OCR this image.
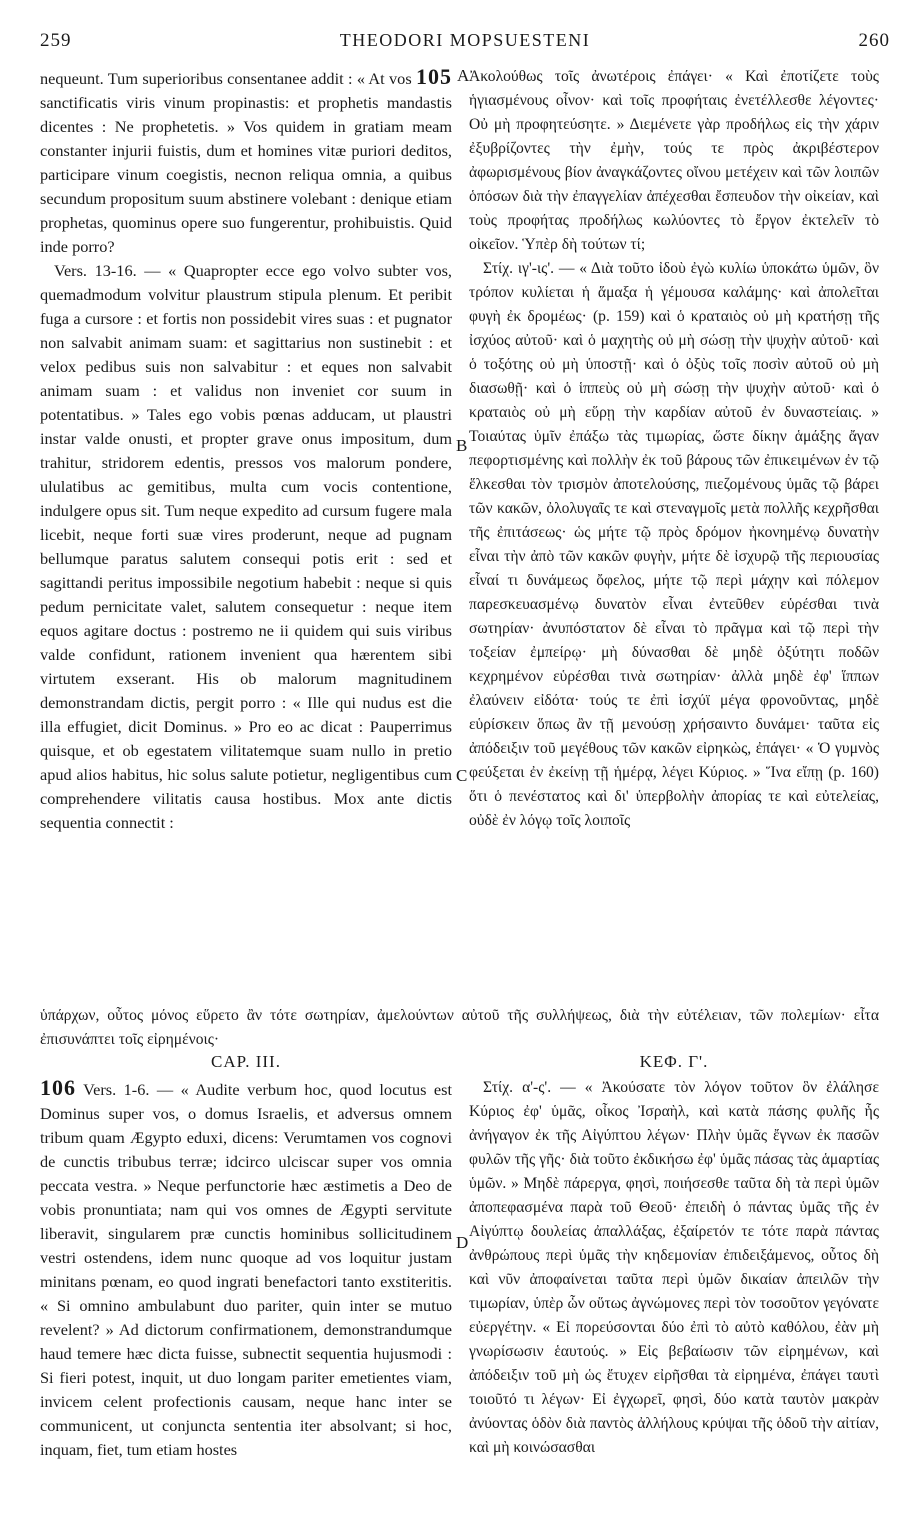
259	THEODORI MOPSUESTENI	260
A
B
C
D

nequeunt. Tum superioribus consentanee addit : « At vos 105 sanctificatis viris vinum propinastis: et prophetis mandastis dicentes : Ne prophetetis. » Vos quidem in gratiam meam constanter injurii fuistis, dum et homines vitæ puriori deditos, participare vinum coegistis, necnon reliqua omnia, a quibus secundum propositum suum abstinere volebant : denique etiam prophetas, quominus opere suo fungerentur, prohibuistis. Quid inde porro?

Vers. 13-16. — « Quapropter ecce ego volvo subter vos, quemadmodum volvitur plaustrum stipula plenum. Et peribit fuga a cursore : et fortis non possidebit vires suas : et pugnator non salvabit animam suam: et sagittarius non sustinebit : et velox pedibus suis non salvabitur : et eques non salvabit animam suam : et validus non inveniet cor suum in potentatibus. » Tales ego vobis pœnas adducam, ut plaustri instar valde onusti, et propter grave onus impositum, dum trahitur, stridorem edentis, pressos vos malorum pondere, ululatibus ac gemitibus, multa cum vocis contentione, indulgere opus sit. Tum neque expedito ad cursum fugere mala licebit, neque forti suæ vires proderunt, neque ad pugnam bellumque paratus salutem consequi potis erit : sed et sagittandi peritus impossibile negotium habebit : neque si quis pedum pernicitate valet, salutem consequetur : neque item equos agitare doctus : postremo ne ii quidem qui suis viribus valde confidunt, rationem invenient qua hærentem sibi virtutem exserant. His ob malorum magnitudinem demonstrandam dictis, pergit porro : « Ille qui nudus est die illa effugiet, dicit Dominus. » Pro eo ac dicat : Pauperrimus quisque, et ob egestatem vilitatemque suam nullo in pretio apud alios habitus, hic solus salute potietur, negligentibus cum comprehendere vilitatis causa hostibus. Mox ante dictis sequentia connectit :

Ἀκολούθως τοῖς ἀνωτέροις ἐπάγει· « Καὶ ἐποτίζετε τοὺς ἡγιασμένους οἶνον· καὶ τοῖς προφήταις ἐνετέλλεσθε λέγοντες· Οὐ μὴ προφητεύσητε. » Διεμένετε γὰρ προδήλως εἰς τὴν χάριν ἐξυβρίζοντες τὴν ἐμὴν, τούς τε πρὸς ἀκριβέστερον ἀφωρισμένους βίον ἀναγκάζοντες οἴνου μετέχειν καὶ τῶν λοιπῶν ὁπόσων διὰ τὴν ἐπαγγελίαν ἀπέχεσθαι ἔσπευδον τὴν οἰκείαν, καὶ τοὺς προφήτας προδήλως κωλύοντες τὸ ἔργον ἐκτελεῖν τὸ οἰκεῖον. Ὑπὲρ δὴ τούτων τί;

Στίχ. ιγ'-ις'. — « Διὰ τοῦτο ἰδοὺ ἐγὼ κυλίω ὑποκάτω ὑμῶν, ὃν τρόπον κυλίεται ἡ ἅμαξα ἡ γέμουσα καλάμης· καὶ ἀπολεῖται φυγὴ ἐκ δρομέως· (p. 159) καὶ ὁ κραταιὸς οὐ μὴ κρατήσῃ τῆς ἰσχύος αὐτοῦ· καὶ ὁ μαχητὴς οὐ μὴ σώσῃ τὴν ψυχὴν αὐτοῦ· καὶ ὁ τοξότης οὐ μὴ ὑποστῇ· καὶ ὁ ὀξὺς τοῖς ποσὶν αὐτοῦ οὐ μὴ διασωθῇ· καὶ ὁ ἱππεὺς οὐ μὴ σώσῃ τὴν ψυχὴν αὐτοῦ· καὶ ὁ κραταιὸς οὐ μὴ εὕρῃ τὴν καρδίαν αὐτοῦ ἐν δυναστείαις. » Τοιαύτας ὑμῖν ἐπάξω τὰς τιμωρίας, ὥστε δίκην ἁμάξης ἄγαν πεφορτισμένης καὶ πολλὴν ἐκ τοῦ βάρους τῶν ἐπικειμένων ἐν τῷ ἕλκεσθαι τὸν τρισμὸν ἀποτελούσης, πιεζομένους ὑμᾶς τῷ βάρει τῶν κακῶν, ὀλολυγαῖς τε καὶ στεναγμοῖς μετὰ πολλῆς κεχρῆσθαι τῆς ἐπιτάσεως· ὡς μήτε τῷ πρὸς δρόμον ἠκονημένῳ δυνατὴν εἶναι τὴν ἀπὸ τῶν κακῶν φυγὴν, μήτε δὲ ἰσχυρῷ τῆς περιουσίας εἶναί τι δυνάμεως ὄφελος, μήτε τῷ περὶ μάχην καὶ πόλεμον παρεσκευασμένῳ δυνατὸν εἶναι ἐντεῦθεν εὑρέσθαι τινὰ σωτηρίαν· ἀνυπόστατον δὲ εἶναι τὸ πρᾶγμα καὶ τῷ περὶ τὴν τοξείαν ἐμπείρῳ· μὴ δύνασθαι δὲ μηδὲ ὀξύτητι ποδῶν κεχρημένον εὑρέσθαι τινὰ σωτηρίαν· ἀλλὰ μηδὲ ἐφ' ἵππων ἐλαύνειν εἰδότα· τούς τε ἐπὶ ἰσχύϊ μέγα φρονοῦντας, μηδὲ εὑρίσκειν ὅπως ἂν τῇ μενούσῃ χρήσαιντο δυνάμει· ταῦτα εἰς ἀπόδειξιν τοῦ μεγέθους τῶν κακῶν εἰρηκὼς, ἐπάγει· « Ὁ γυμνὸς φεύξεται ἐν ἐκείνῃ τῇ ἡμέρᾳ, λέγει Κύριος. » Ἵνα εἴπῃ (p. 160) ὅτι ὁ πενέστατος καὶ δι' ὑπερβολὴν ἀπορίας τε καὶ εὐτελείας, οὐδὲ ἐν λόγῳ τοῖς λοιποῖς

ὑπάρχων, οὗτος μόνος εὕρετο ἂν τότε σωτηρίαν, ἀμελούντων αὐτοῦ τῆς συλλήψεως, διὰ τὴν εὐτέλειαν, τῶν πολεμίων· εἶτα ἐπισυνάπτει τοῖς εἰρημένοις·
CAP. III.	ΚΕΦ. Γ'.

106 Vers. 1-6. — « Audite verbum hoc, quod locutus est Dominus super vos, o domus Israelis, et adversus omnem tribum quam Ægypto eduxi, dicens: Verumtamen vos cognovi de cunctis tribubus terræ; idcirco ulciscar super vos omnia peccata vestra. » Neque perfunctorie hæc æstimetis a Deo de vobis pronuntiata; nam qui vos omnes de Ægypti servitute liberavit, singularem præ cunctis hominibus sollicitudinem vestri ostendens, idem nunc quoque ad vos loquitur justam minitans pœnam, eo quod ingrati benefactori tanto exstiteritis. « Si omnino ambulabunt duo pariter, quin inter se mutuo revelent? » Ad dictorum confirmationem, demonstrandumque haud temere hæc dicta fuisse, subnectit sequentia hujusmodi : Si fieri potest, inquit, ut duo longam pariter emetientes viam, invicem celent profectionis causam, neque hanc inter se communicent, ut conjuncta sententia iter absolvant; si hoc, inquam, fiet, tum etiam hostes

Στίχ. α'-ς'. — « Ἀκούσατε τὸν λόγον τοῦτον ὃν ἐλάλησε Κύριος ἐφ' ὑμᾶς, οἶκος Ἰσραὴλ, καὶ κατὰ πάσης φυλῆς ἧς ἀνήγαγον ἐκ τῆς Αἰγύπτου λέγων· Πλὴν ὑμᾶς ἔγνων ἐκ πασῶν φυλῶν τῆς γῆς· διὰ τοῦτο ἐκδικήσω ἐφ' ὑμᾶς πάσας τὰς ἁμαρτίας ὑμῶν. » Μηδὲ πάρεργα, φησὶ, ποιήσεσθε ταῦτα δὴ τὰ περὶ ὑμῶν ἀποπεφασμένα παρὰ τοῦ Θεοῦ· ἐπειδὴ ὁ πάντας ὑμᾶς τῆς ἐν Αἰγύπτῳ δουλείας ἀπαλλάξας, ἐξαίρετόν τε τότε παρὰ πάντας ἀνθρώπους περὶ ὑμᾶς τὴν κηδεμονίαν ἐπιδειξάμενος, οὗτος δὴ καὶ νῦν ἀποφαίνεται ταῦτα περὶ ὑμῶν δικαίαν ἀπειλῶν τὴν τιμωρίαν, ὑπὲρ ὧν οὕτως ἀγνώμονες περὶ τὸν τοσοῦτον γεγόνατε εὐεργέτην. « Εἰ πορεύσονται δύο ἐπὶ τὸ αὐτὸ καθόλου, ἐὰν μὴ γνωρίσωσιν ἑαυτούς. » Εἰς βεβαίωσιν τῶν εἰρημένων, καὶ ἀπόδειξιν τοῦ μὴ ὡς ἔτυχεν εἰρῆσθαι τὰ εἰρημένα, ἐπάγει ταυτὶ τοιοῦτό τι λέγων· Εἰ ἐγχωρεῖ, φησὶ, δύο κατὰ ταυτὸν μακρὰν ἀνύοντας ὁδὸν διὰ παντὸς ἀλλήλους κρύψαι τῆς ὁδοῦ τὴν αἰτίαν, καὶ μὴ κοινώσασθαι
